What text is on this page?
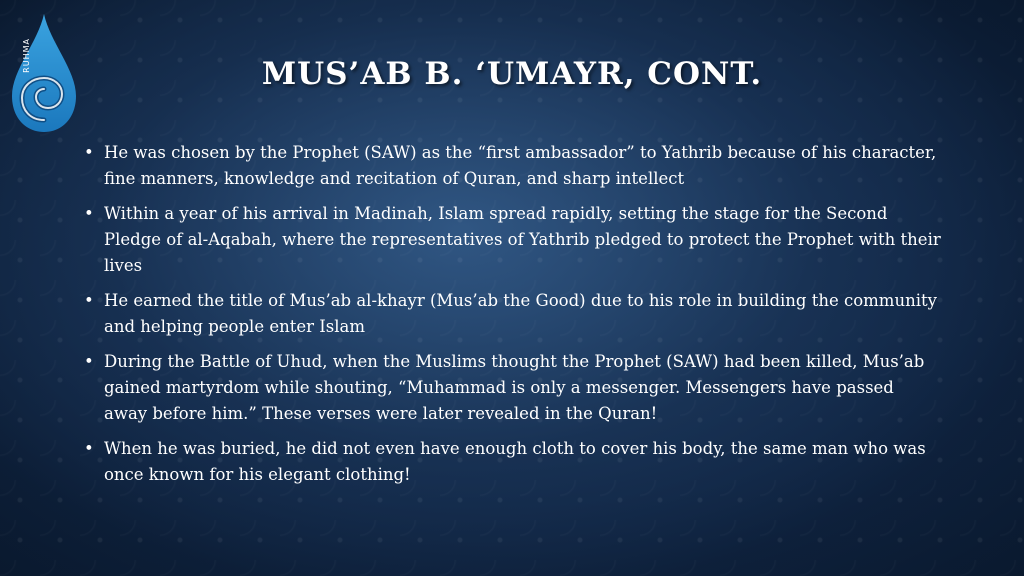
RUHMA
MUS’AB B. ‘UMAYR, CONT.
• He was chosen by the Prophet (SAW) as the “first ambassador” to Yathrib because of his character, fine manners, knowledge and recitation of Quran, and sharp intellect
• Within a year of his arrival in Madinah, Islam spread rapidly, setting the stage for the Second Pledge of al-Aqabah, where the representatives of Yathrib pledged to protect the Prophet with their lives
• He earned the title of Mus’ab al-khayr (Mus’ab the Good) due to his role in building the community and helping people enter Islam
• During the Battle of Uhud, when the Muslims thought the Prophet (SAW) had been killed, Mus’ab gained martyrdom while shouting, “Muhammad is only a messenger. Messengers have passed away before him.” These verses were later revealed in the Quran!
• When he was buried, he did not even have enough cloth to cover his body, the same man who was once known for his elegant clothing!
